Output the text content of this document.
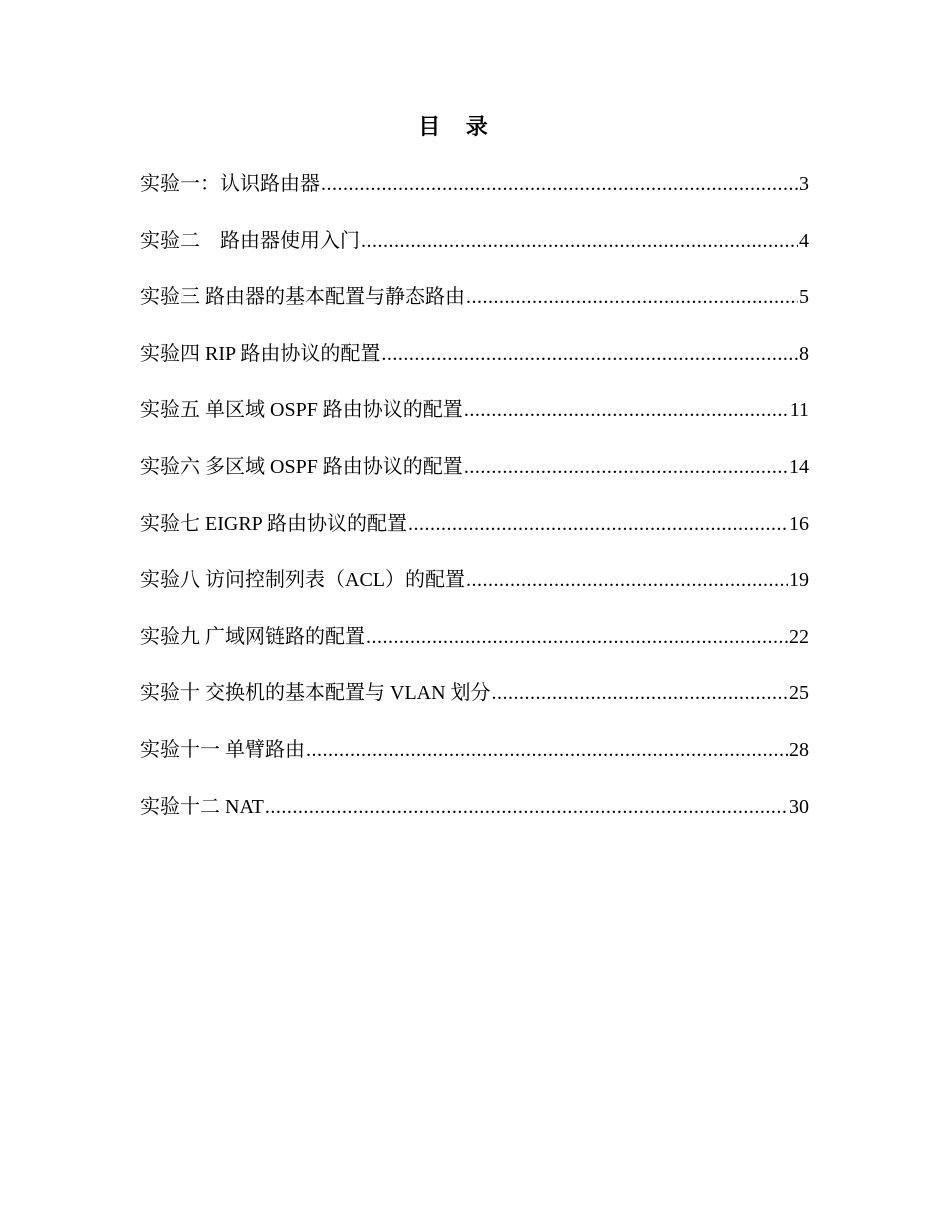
目 录
实验一：认识路由器 .....	3
实验二　路由器使用入门 .....	4
实验三 路由器的基本配置与静态路由 .....	5
实验四 RIP 路由协议的配置 .....	8
实验五 单区域 OSPF 路由协议的配置 .....	11
实验六 多区域 OSPF 路由协议的配置 .....	14
实验七 EIGRP 路由协议的配置 .....	16
实验八 访问控制列表（ACL）的配置 .....	19
实验九 广域网链路的配置 .....	22
实验十 交换机的基本配置与 VLAN 划分 .....	25
实验十一 单臂路由 .....	28
实验十二 NAT .....	30
